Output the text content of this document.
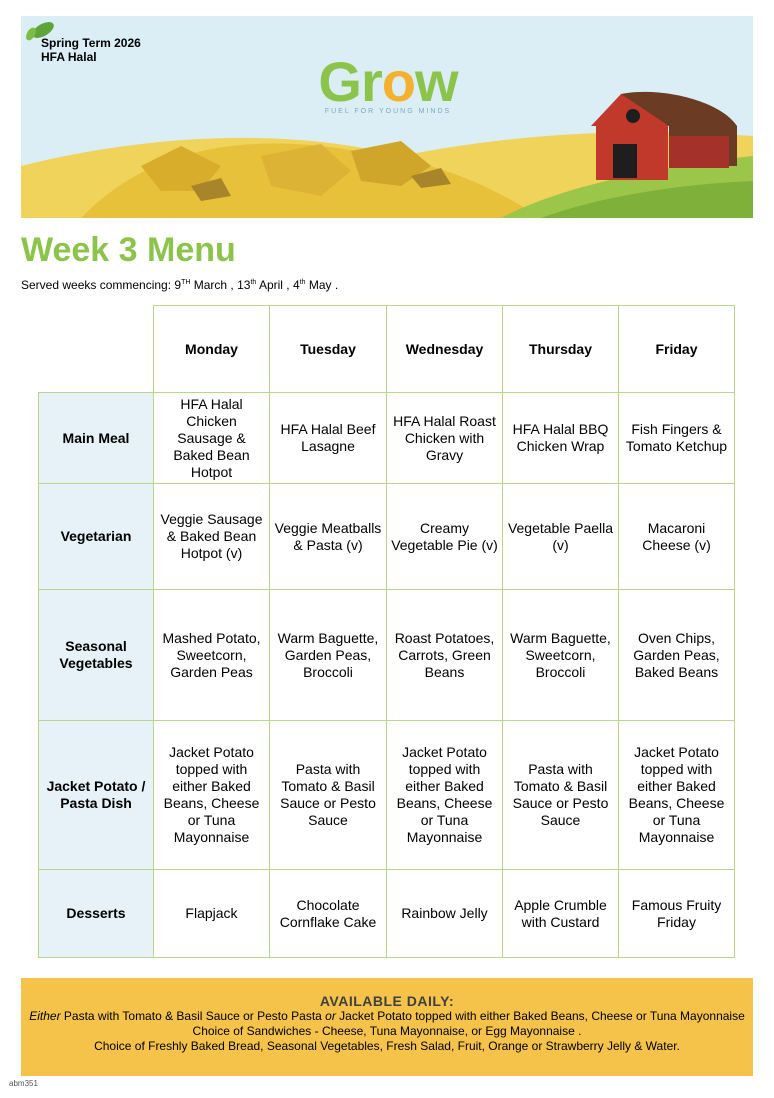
Spring Term 2026
HFA Halal	Grow
FUEL FOR YOUNG MINDS
Week 3 Menu
Served weeks commencing: 9TH March , 13th April , 4th May .
	Monday	Tuesday	Wednesday	Thursday	Friday
Main Meal	HFA Halal Chicken Sausage & Baked Bean Hotpot	HFA Halal Beef Lasagne	HFA Halal Roast Chicken with Gravy	HFA Halal BBQ Chicken Wrap	Fish Fingers & Tomato Ketchup
Vegetarian	Veggie Sausage & Baked Bean Hotpot (v)	Veggie Meatballs & Pasta (v)	Creamy Vegetable Pie (v)	Vegetable Paella (v)	Macaroni Cheese (v)
Seasonal Vegetables	Mashed Potato, Sweetcorn, Garden Peas	Warm Baguette, Garden Peas, Broccoli	Roast Potatoes, Carrots, Green Beans	Warm Baguette, Sweetcorn, Broccoli	Oven Chips, Garden Peas, Baked Beans
Jacket Potato / Pasta Dish	Jacket Potato topped with either Baked Beans, Cheese or Tuna Mayonnaise	Pasta with Tomato & Basil Sauce or Pesto Sauce	Jacket Potato topped with either Baked Beans, Cheese or Tuna Mayonnaise	Pasta with Tomato & Basil Sauce or Pesto Sauce	Jacket Potato topped with either Baked Beans, Cheese or Tuna Mayonnaise
Desserts	Flapjack	Chocolate Cornflake Cake	Rainbow Jelly	Apple Crumble with Custard	Famous Fruity Friday
AVAILABLE DAILY:
Either Pasta with Tomato & Basil Sauce or Pesto Pasta or Jacket Potato topped with either Baked Beans, Cheese or Tuna Mayonnaise
Choice of Sandwiches - Cheese, Tuna Mayonnaise, or Egg Mayonnaise .
Choice of Freshly Baked Bread, Seasonal Vegetables, Fresh Salad, Fruit, Orange or Strawberry Jelly & Water.
abm351
